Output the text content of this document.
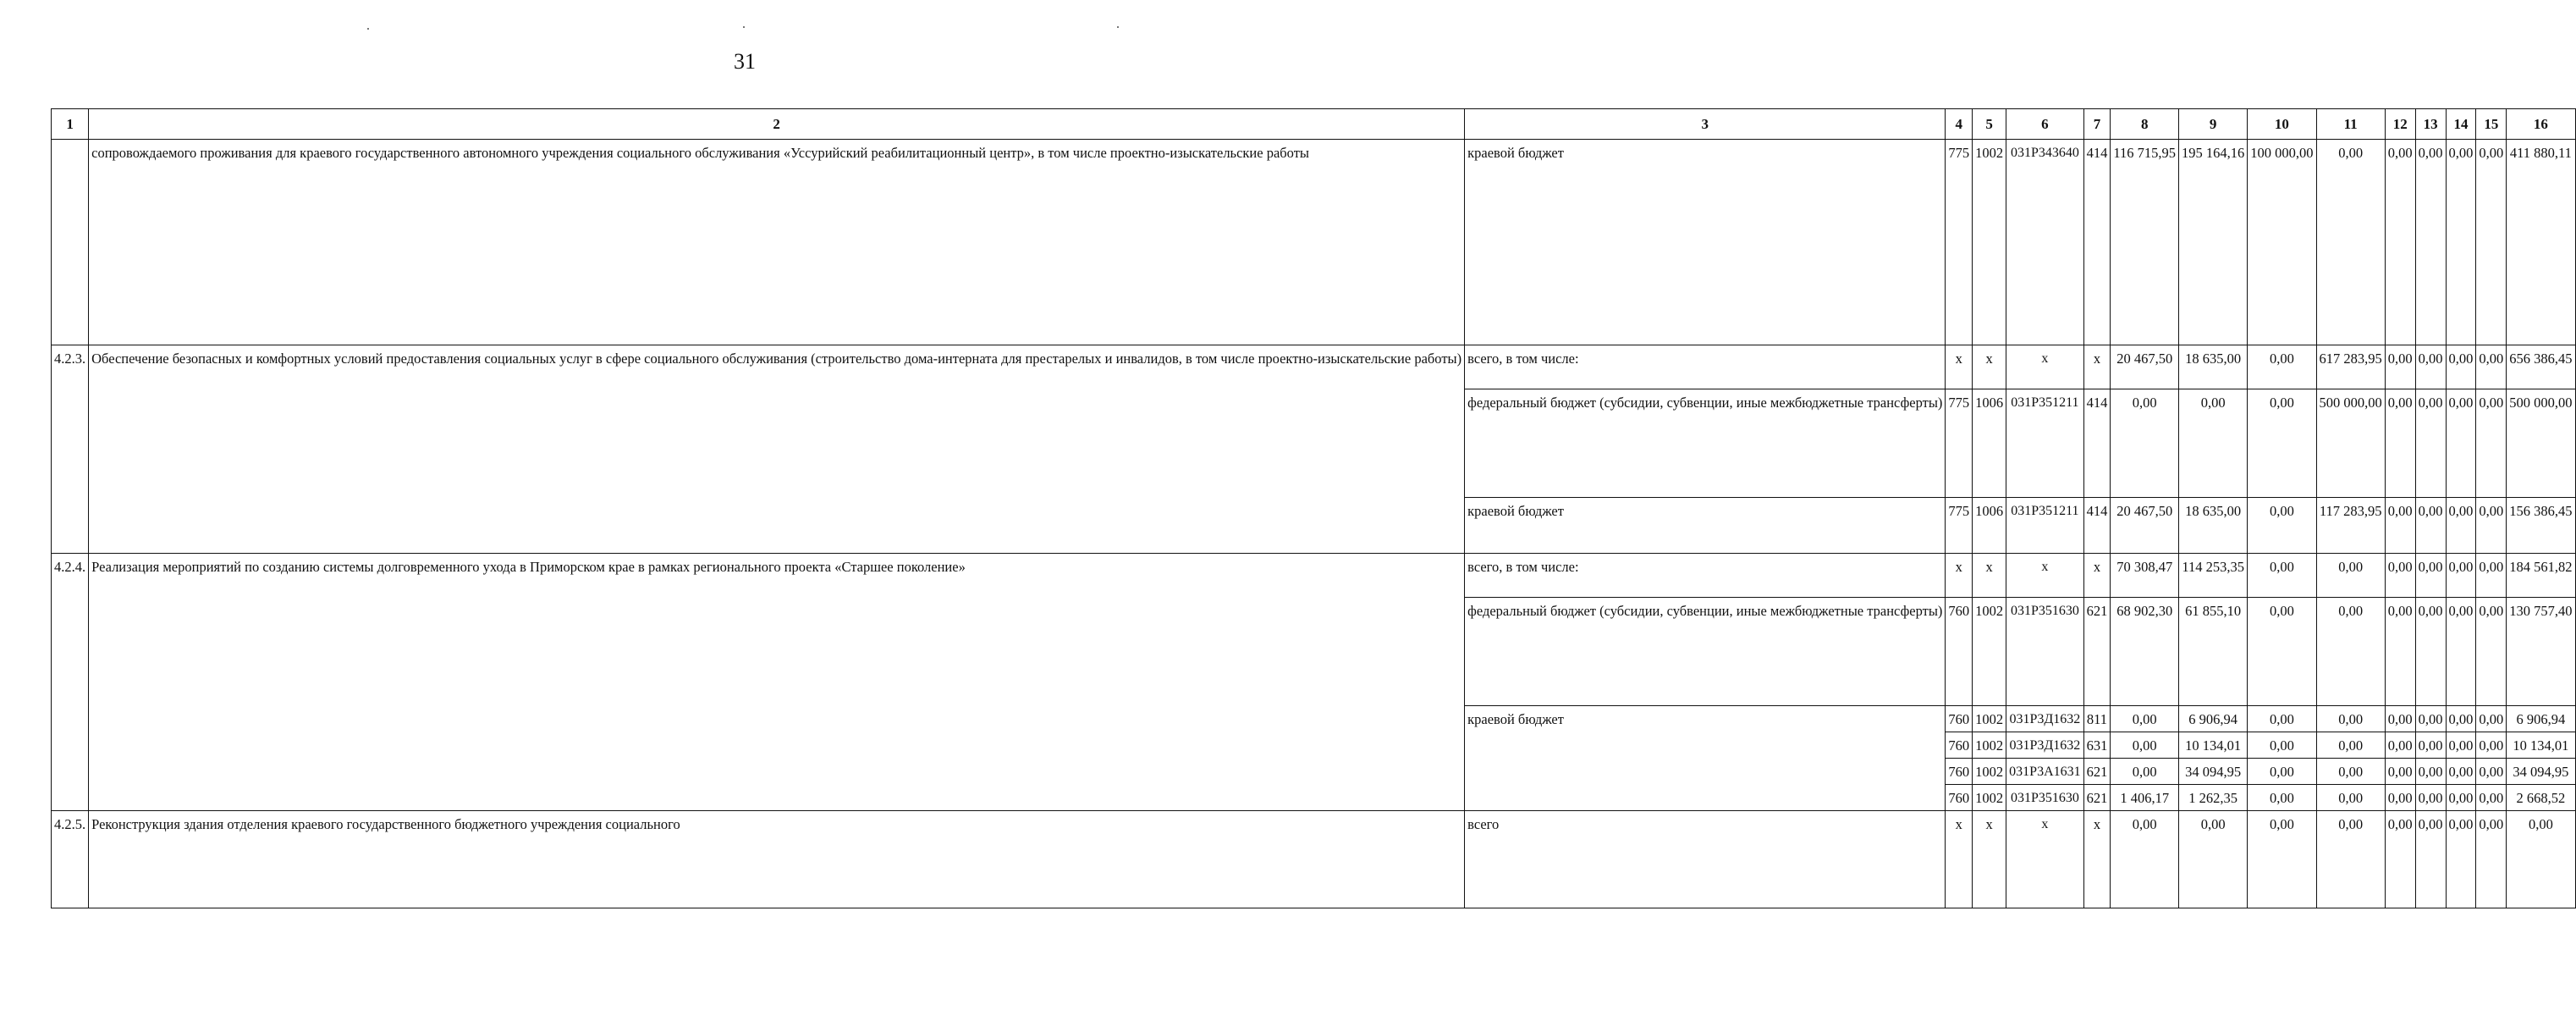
31
1	2	3	4	5	6	7	8	9	10	11	12	13	14	15	16
	сопровождаемого проживания для краевого государственного автономного учреждения социального обслуживания «Уссурийский реабилитационный центр», в том числе проектно-изыскательские работы	краевой бюджет	775	1002	031Р343640	414	116 715,95	195 164,16	100 000,00	0,00	0,00	0,00	0,00	0,00	411 880,11
4.2.3.	Обеспечение безопасных и комфортных условий предоставления социальных услуг в сфере социального обслуживания (строительство дома-интерната для престарелых и инвалидов, в том числе проектно-изыскательские работы)	всего, в том числе:	х	х	х	х	20 467,50	18 635,00	0,00	617 283,95	0,00	0,00	0,00	0,00	656 386,45
		федеральный бюджет (субсидии, субвенции, иные межбюджетные трансферты)	775	1006	031Р351211	414	0,00	0,00	0,00	500 000,00	0,00	0,00	0,00	0,00	500 000,00
		краевой бюджет	775	1006	031Р351211	414	20 467,50	18 635,00	0,00	117 283,95	0,00	0,00	0,00	0,00	156 386,45
4.2.4.	Реализация мероприятий по созданию системы долговременного ухода в Приморском крае в рамках регионального проекта «Старшее поколение»	всего, в том числе:	х	х	х	х	70 308,47	114 253,35	0,00	0,00	0,00	0,00	0,00	0,00	184 561,82
		федеральный бюджет (субсидии, субвенции, иные межбюджетные трансферты)	760	1002	031Р351630	621	68 902,30	61 855,10	0,00	0,00	0,00	0,00	0,00	0,00	130 757,40
		краевой бюджет	760	1002	031Р3Д1632	811	0,00	6 906,94	0,00	0,00	0,00	0,00	0,00	0,00	6 906,94
			760	1002	031Р3Д1632	631	0,00	10 134,01	0,00	0,00	0,00	0,00	0,00	0,00	10 134,01
			760	1002	031Р3А1631	621	0,00	34 094,95	0,00	0,00	0,00	0,00	0,00	0,00	34 094,95
			760	1002	031Р351630	621	1 406,17	1 262,35	0,00	0,00	0,00	0,00	0,00	0,00	2 668,52
4.2.5.	Реконструкция здания отделения краевого государственного бюджетного учреждения социального	всего	х	х	х	х	0,00	0,00	0,00	0,00	0,00	0,00	0,00	0,00	0,00
